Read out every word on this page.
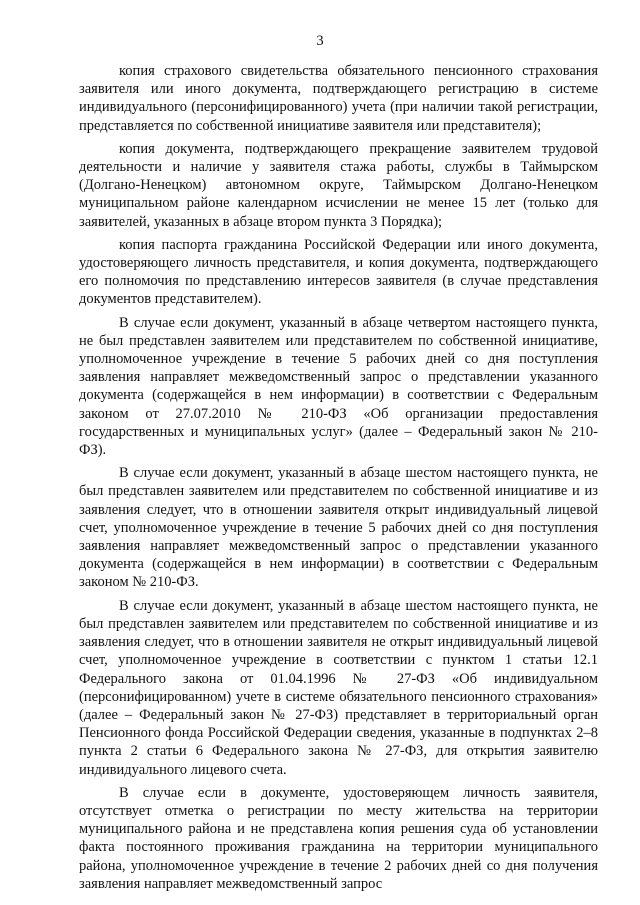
3

копия страхового свидетельства обязательного пенсионного страхования заявителя или иного документа, подтверждающего регистрацию в системе индивидуального (персонифицированного) учета (при наличии такой регистрации, представляется по собственной инициативе заявителя или представителя);

копия документа, подтверждающего прекращение заявителем трудовой деятельности и наличие у заявителя стажа работы, службы в Таймырском (Долгано-Ненецком) автономном округе, Таймырском Долгано-Ненецком муниципальном районе календарном исчислении не менее 15 лет (только для заявителей, указанных в абзаце втором пункта 3 Порядка);

копия паспорта гражданина Российской Федерации или иного документа, удостоверяющего личность представителя, и копия документа, подтверждающего его полномочия по представлению интересов заявителя (в случае представления документов представителем).

В случае если документ, указанный в абзаце четвертом настоящего пункта, не был представлен заявителем или представителем по собственной инициативе, уполномоченное учреждение в течение 5 рабочих дней со дня поступления заявления направляет межведомственный запрос о представлении указанного документа (содержащейся в нем информации) в соответствии с Федеральным законом от 27.07.2010 № 210-ФЗ «Об организации предоставления государственных и муниципальных услуг» (далее – Федеральный закон № 210-ФЗ).

В случае если документ, указанный в абзаце шестом настоящего пункта, не был представлен заявителем или представителем по собственной инициативе и из заявления следует, что в отношении заявителя открыт индивидуальный лицевой счет, уполномоченное учреждение в течение 5 рабочих дней со дня поступления заявления направляет межведомственный запрос о представлении указанного документа (содержащейся в нем информации) в соответствии с Федеральным законом № 210-ФЗ.

В случае если документ, указанный в абзаце шестом настоящего пункта, не был представлен заявителем или представителем по собственной инициативе и из заявления следует, что в отношении заявителя не открыт индивидуальный лицевой счет, уполномоченное учреждение в соответствии с пунктом 1 статьи 12.1 Федерального закона от 01.04.1996 № 27-ФЗ «Об индивидуальном (персонифицированном) учете в системе обязательного пенсионного страхования» (далее – Федеральный закон № 27-ФЗ) представляет в территориальный орган Пенсионного фонда Российской Федерации сведения, указанные в подпунктах 2–8 пункта 2 статьи 6 Федерального закона № 27-ФЗ, для открытия заявителю индивидуального лицевого счета.

В случае если в документе, удостоверяющем личность заявителя, отсутствует отметка о регистрации по месту жительства на территории муниципального района и не представлена копия решения суда об установлении факта постоянного проживания гражданина на территории муниципального района, уполномоченное учреждение в течение 2 рабочих дней со дня получения заявления направляет межведомственный запрос
